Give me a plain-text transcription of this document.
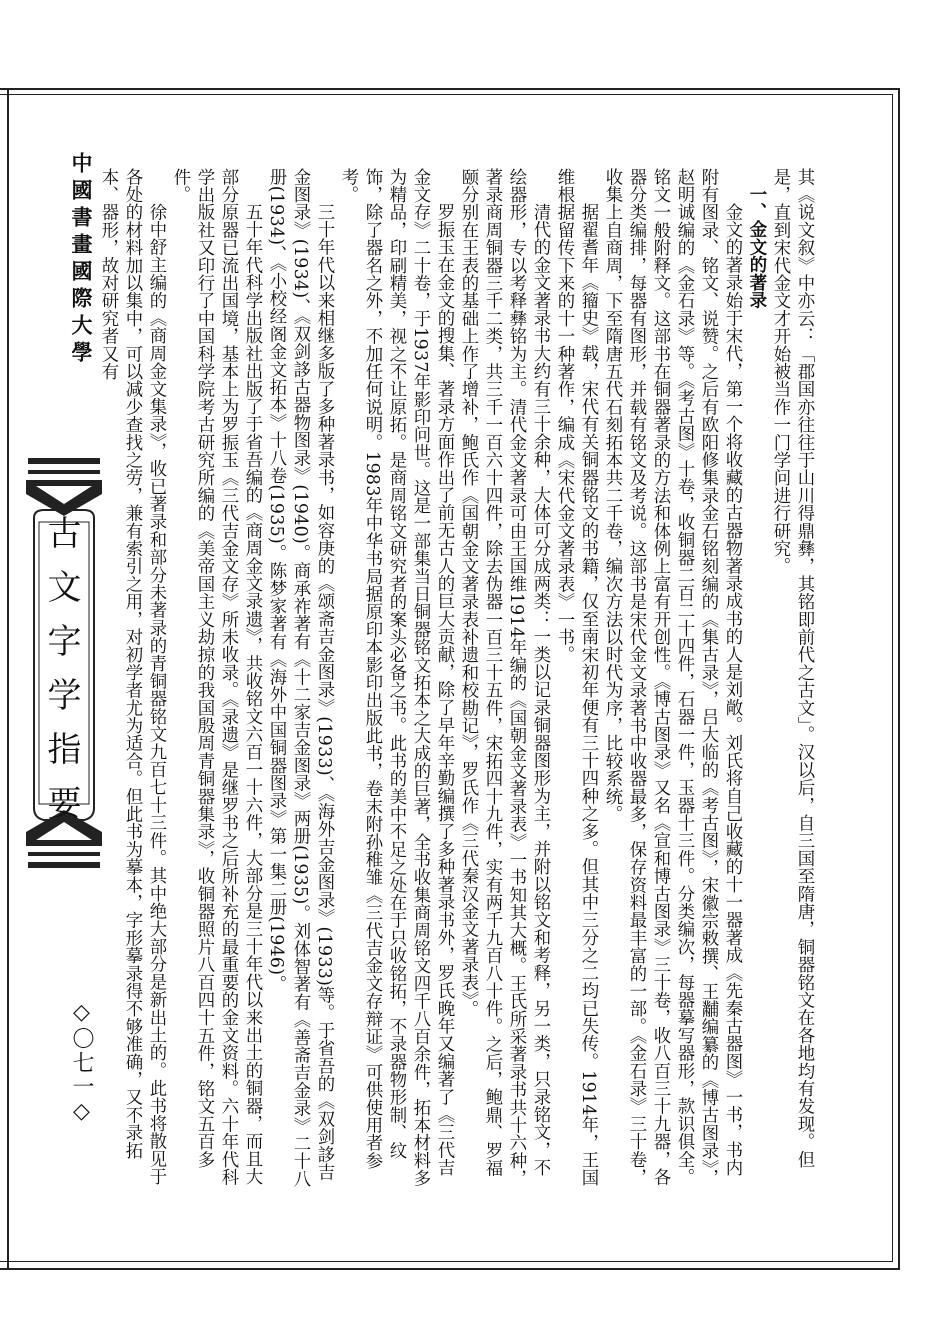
中國書畫國際大學
古文字学指要
◇〇七一◇	其《说文叙》中亦云：「郡国亦往往于山川得鼎彝，其铭即前代之古文」。汉以后，自三国至隋唐，铜器铭文在各地均有发现。但是，直到宋代金文才开始被当作一门学问进行研究。

一、金文的著录

金文的著录始于宋代，第一个将收藏的古器物著录成书的人是刘敞。刘氏将自己收藏的十一器著成《先秦古器图》一书，书内附有图录、铭文、说赞。之后有欧阳修集录金石铭刻编的《集古录》，吕大临的《考古图》，宋徽宗敕撰、王黼编纂的《博古图录》，赵明诚编的《金石录》等。《考古图》十卷，收铜器二百二十四件，石器一件，玉器十三件。分类编次，每器摹写器形，款识俱全。铭文一般附释文。这部书在铜器著录的方法和体例上富有开创性。《博古图录》又名《宣和博古图录》三十卷，收八百三十九器，各器分类编排，每器有图形，并载有铭文及考说。这部书是宋代金文录著书中收器最多，保存资料最丰富的一部。《金石录》三十卷，收集上自商周，下至隋唐五代石刻拓本共二千卷，编次方法以时代为序，比较系统。

据翟耆年《籀史》载，宋代有关铜器铭文的书籍，仅至南宋初年便有三十四种之多。但其中三分之二均已失传。1914年，王国维根据留传下来的十一种著作，编成《宋代金文著录表》一书。

清代的金文著录书大约有三十余种，大体可分成两类：一类以记录铜器图形为主，并附以铭文和考释，另一类，只录铭文，不绘器形，专以考释彝铭为主。清代金文著录可由王国维1914年编的《国朝金文著录表》一书知其大概。王氏所采著录书共十六种，著录商周铜器三千二类，共三千一百六十四件，除去伪器一百三十五件，宋拓四十九件，实有两千九百八十件。之后，鲍鼎、罗福颐分别在王表的基础上作了增补，鲍氏作《国朝金文著录表补遗和校勘记》，罗氏作《三代秦汉金文著录表》。

罗振玉在金文的搜集、著录方面作出了前无古人的巨大贡献，除了早年辛勤编撰了多种著录书外，罗氏晚年又编著了《三代吉金文存》二十卷，于1937年影印问世。这是一部集当日铜器铭文拓本之大成的巨著，全书收集商周铭文四千八百余件，拓本材料多为精品，印刷精美，视之不让原拓。是商周铭文研究者的案头必备之书。此书的美中不足之处在于只收铭拓，不录器物形制、纹饰，除了器名之外，不加任何说明。1983年中华书局据原印本影印出版此书，卷末附孙稚雏《三代吉金文存辩证》可供使用者参考。

三十年代以来相继多版了多种著录书，如容庚的《颂斋吉金图录》(1933)、《海外吉金图录》(1933)等。于省吾的《双剑誃吉金图录》(1934)、《双剑誃古器物图录》(1940)。商承祚著有《十二家吉金图录》两册(1935)。刘体智著有《善斋吉金录》二十八册(1934)、《小校经阁金文拓本》十八卷(1935)。陈梦家著有《海外中国铜器图录》第一集二册(1946)。

五十年代科学出版社出版了于省吾编的《商周金文录遗》，共收铭文六百一十六件，大部分是三十年代以来出土的铜器，而且大部分原器已流出国境，基本上为罗振玉《三代吉金文存》所未收录。《录遗》是继罗书之后所补充的最重要的金文资料。六十年代科学出版社又印行了中国科学院考古研究所编的《美帝国主义劫掠的我国殷周青铜器集录》，收铜器照片八百四十五件，铭文五百多件。

徐中舒主编的《商周金文集录》，收已著录和部分未著录的青铜器铭文九百七十三件。其中绝大部分是新出土的。此书将散见于各处的材料加以集中，可以减少查找之劳，兼有索引之用，对初学者尤为适合。但此书为摹本，字形摹录得不够准确，又不录拓本、器形，故对研究者又有
